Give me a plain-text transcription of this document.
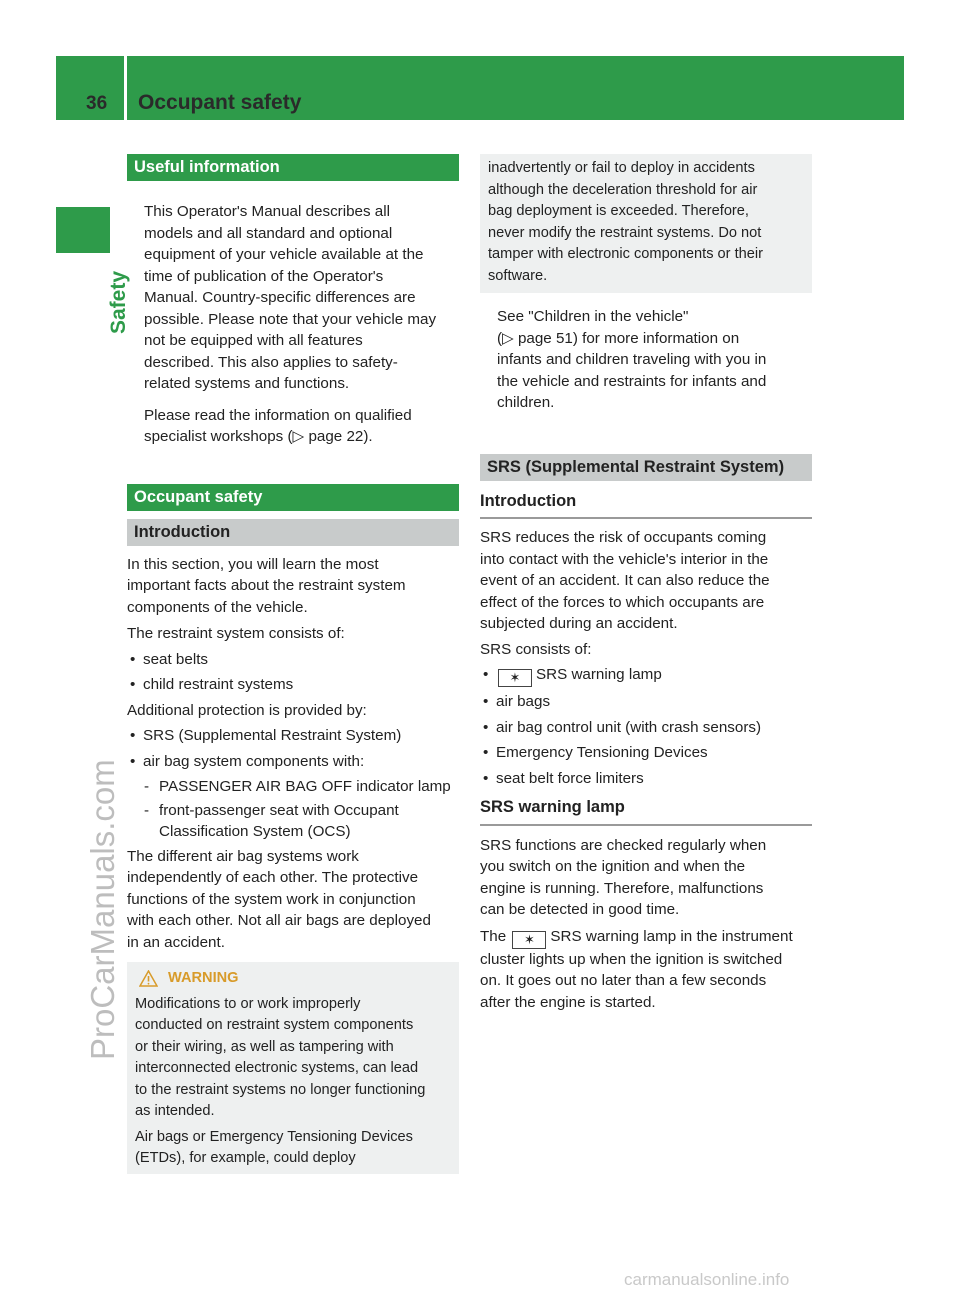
36 Occupant safety
Safety
ProCarManuals.com
Useful information
i This Operator's Manual describes all
models and all standard and optional
equipment of your vehicle available at the
time of publication of the Operator's
Manual. Country-specific differences are
possible. Please note that your vehicle may
not be equipped with all features
described. This also applies to safety-
related systems and functions.
i Please read the information on qualified
specialist workshops (▷ page 22).
Occupant safety
Introduction
In this section, you will learn the most
important facts about the restraint system
components of the vehicle.
The restraint system consists of:
• seat belts
• child restraint systems
Additional protection is provided by:
• SRS (Supplemental Restraint System)
• air bag system components with:
- PASSENGER AIR BAG OFF indicator lamp
- front-passenger seat with Occupant
Classification System (OCS)
The different air bag systems work
independently of each other. The protective
functions of the system work in conjunction
with each other. Not all air bags are deployed
in an accident.
WARNING
Modifications to or work improperly
conducted on restraint system components
or their wiring, as well as tampering with
interconnected electronic systems, can lead
to the restraint systems no longer functioning
as intended.
Air bags or Emergency Tensioning Devices
(ETDs), for example, could deploy
inadvertently or fail to deploy in accidents
although the deceleration threshold for air
bag deployment is exceeded. Therefore,
never modify the restraint systems. Do not
tamper with electronic components or their
software.
i See "Children in the vehicle"
(▷ page 51) for more information on
infants and children traveling with you in
the vehicle and restraints for infants and
children.
SRS (Supplemental Restraint System)
Introduction
SRS reduces the risk of occupants coming
into contact with the vehicle's interior in the
event of an accident. It can also reduce the
effect of the forces to which occupants are
subjected during an accident.
SRS consists of:
• ✶ SRS warning lamp
• air bags
• air bag control unit (with crash sensors)
• Emergency Tensioning Devices
• seat belt force limiters
SRS warning lamp
SRS functions are checked regularly when
you switch on the ignition and when the
engine is running. Therefore, malfunctions
can be detected in good time.
The ✶ SRS warning lamp in the instrument
cluster lights up when the ignition is switched
on. It goes out no later than a few seconds
after the engine is started.
carmanualsonline.info
